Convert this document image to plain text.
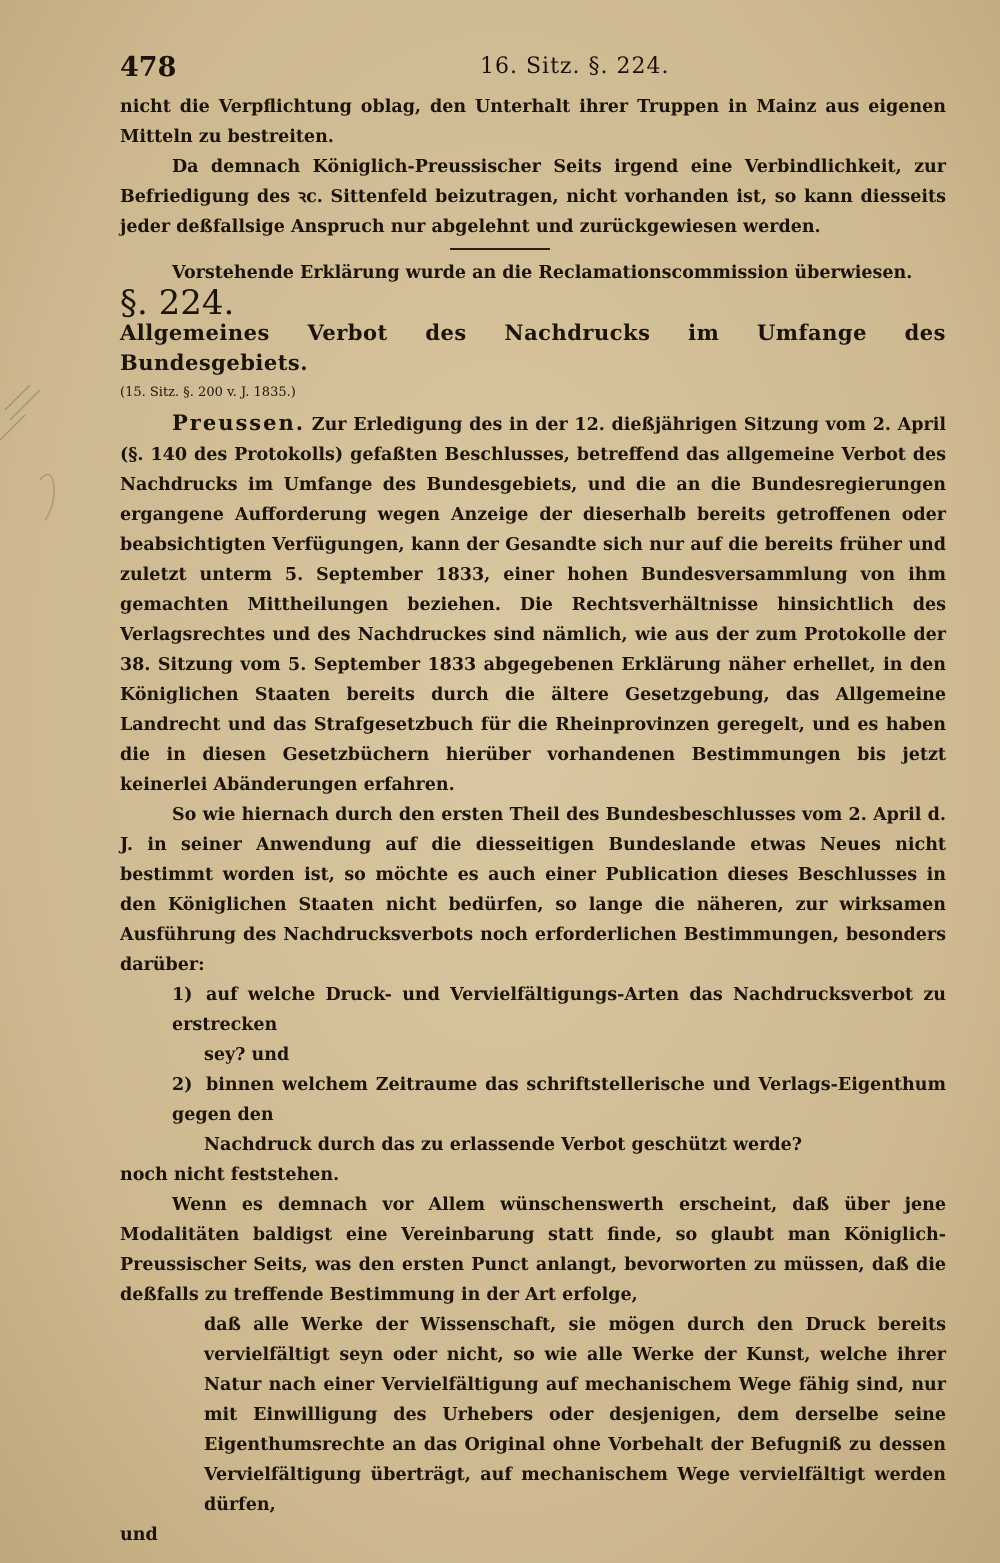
478	16. Sitz. §. 224.

nicht die Verpflichtung oblag, den Unterhalt ihrer Truppen in Mainz aus eigenen Mitteln zu bestreiten.

Da demnach Königlich-Preussischer Seits irgend eine Verbindlichkeit, zur Befriedigung des ꝛc. Sittenfeld beizutragen, nicht vorhanden ist, so kann diesseits jeder deßfallsige Anspruch nur abgelehnt und zurückgewiesen werden.

Vorstehende Erklärung wurde an die Reclamationscommission überwiesen.

§. 224.

Allgemeines Verbot des Nachdrucks im Umfange des Bundesgebiets.

(15. Sitz. §. 200 v. J. 1835.)

Preussen. Zur Erledigung des in der 12. dießjährigen Sitzung vom 2. April (§. 140 des Protokolls) gefaßten Beschlusses, betreffend das allgemeine Verbot des Nachdrucks im Umfange des Bundesgebiets, und die an die Bundesregierungen ergangene Aufforderung wegen Anzeige der dieserhalb bereits getroffenen oder beabsichtigten Verfügungen, kann der Gesandte sich nur auf die bereits früher und zuletzt unterm 5. September 1833, einer hohen Bundesversammlung von ihm gemachten Mittheilungen beziehen. Die Rechtsverhältnisse hinsichtlich des Verlagsrechtes und des Nachdruckes sind nämlich, wie aus der zum Protokolle der 38. Sitzung vom 5. September 1833 abgegebenen Erklärung näher erhellet, in den Königlichen Staaten bereits durch die ältere Gesetzgebung, das Allgemeine Landrecht und das Strafgesetzbuch für die Rheinprovinzen geregelt, und es haben die in diesen Gesetzbüchern hierüber vorhandenen Bestimmungen bis jetzt keinerlei Abänderungen erfahren.

So wie hiernach durch den ersten Theil des Bundesbeschlusses vom 2. April d. J. in seiner Anwendung auf die diesseitigen Bundeslande etwas Neues nicht bestimmt worden ist, so möchte es auch einer Publication dieses Beschlusses in den Königlichen Staaten nicht bedürfen, so lange die näheren, zur wirksamen Ausführung des Nachdrucksverbots noch erforderlichen Bestimmungen, besonders darüber:

1) auf welche Druck- und Vervielfältigungs-Arten das Nachdrucksverbot zu erstrecken

sey? und

2) binnen welchem Zeitraume das schriftstellerische und Verlags-Eigenthum gegen den

Nachdruck durch das zu erlassende Verbot geschützt werde?

noch nicht feststehen.

Wenn es demnach vor Allem wünschenswerth erscheint, daß über jene Modalitäten baldigst eine Vereinbarung statt finde, so glaubt man Königlich-Preussischer Seits, was den ersten Punct anlangt, bevorworten zu müssen, daß die deßfalls zu treffende Bestimmung in der Art erfolge,

daß alle Werke der Wissenschaft, sie mögen durch den Druck bereits vervielfältigt seyn oder nicht, so wie alle Werke der Kunst, welche ihrer Natur nach einer Vervielfältigung auf mechanischem Wege fähig sind, nur mit Einwilligung des Urhebers oder desjenigen, dem derselbe seine Eigenthumsrechte an das Original ohne Vorbehalt der Befugniß zu dessen Vervielfältigung überträgt, auf mechanischem Wege vervielfältigt werden dürfen,

und
